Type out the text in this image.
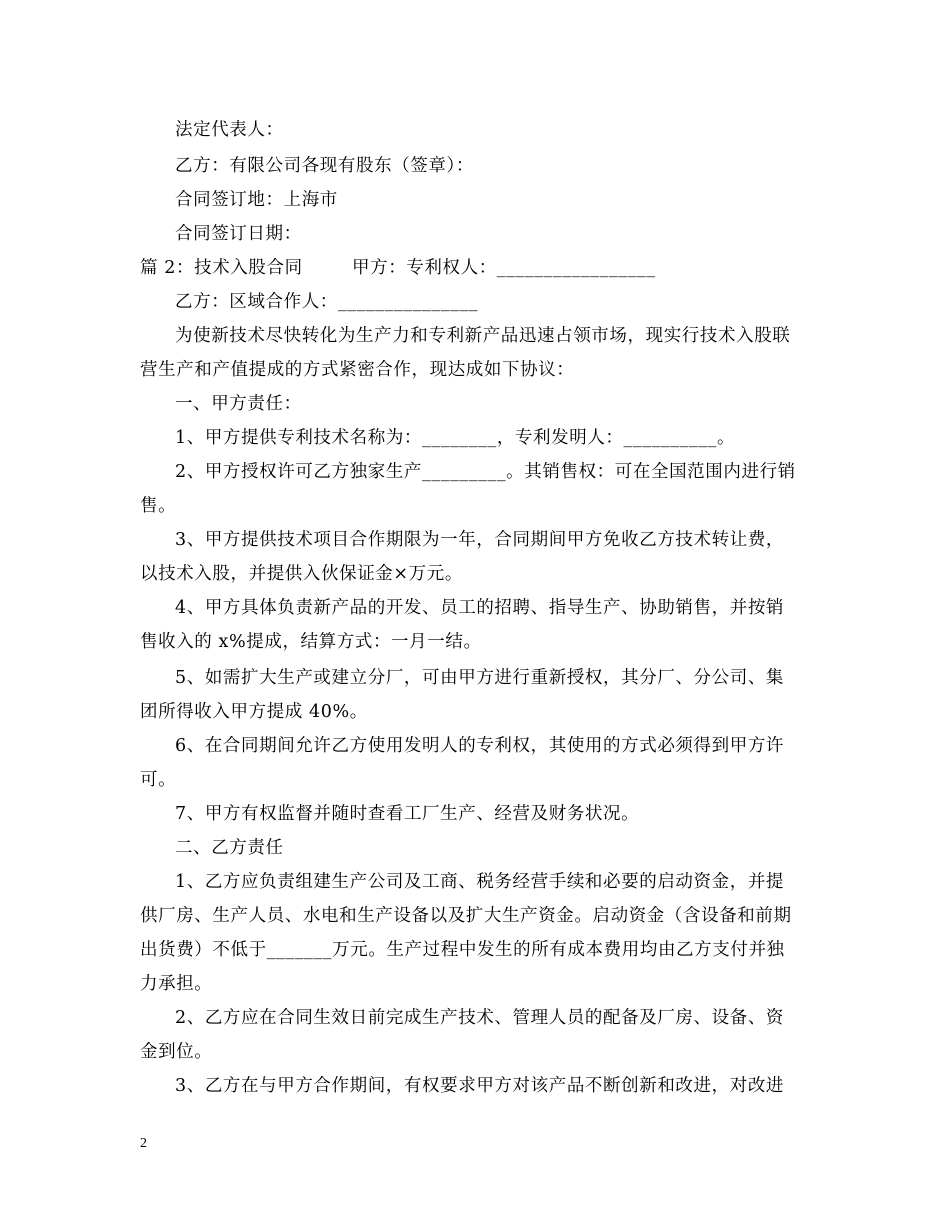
法定代表人：
乙方：有限公司各现有股东（签章）：
合同签订地：上海市
合同签订日期：
篇 2：技术入股合同        甲方：专利权人：_________________
乙方：区域合作人：_______________
为使新技术尽快转化为生产力和专利新产品迅速占领市场，现实行技术入股联
营生产和产值提成的方式紧密合作，现达成如下协议：
一、甲方责任：
1、甲方提供专利技术名称为：________，专利发明人：__________。
2、甲方授权许可乙方独家生产_________。其销售权：可在全国范围内进行销
售。
3、甲方提供技术项目合作期限为一年，合同期间甲方免收乙方技术转让费，
以技术入股，并提供入伙保证金×万元。
4、甲方具体负责新产品的开发、员工的招聘、指导生产、协助销售，并按销
售收入的 x%提成，结算方式：一月一结。
5、如需扩大生产或建立分厂，可由甲方进行重新授权，其分厂、分公司、集
团所得收入甲方提成 40%。
6、在合同期间允许乙方使用发明人的专利权，其使用的方式必须得到甲方许
可。
7、甲方有权监督并随时查看工厂生产、经营及财务状况。
二、乙方责任
1、乙方应负责组建生产公司及工商、税务经营手续和必要的启动资金，并提
供厂房、生产人员、水电和生产设备以及扩大生产资金。启动资金（含设备和前期
出货费）不低于_______万元。生产过程中发生的所有成本费用均由乙方支付并独
力承担。
2、乙方应在合同生效日前完成生产技术、管理人员的配备及厂房、设备、资
金到位。
3、乙方在与甲方合作期间，有权要求甲方对该产品不断创新和改进，对改进
2
